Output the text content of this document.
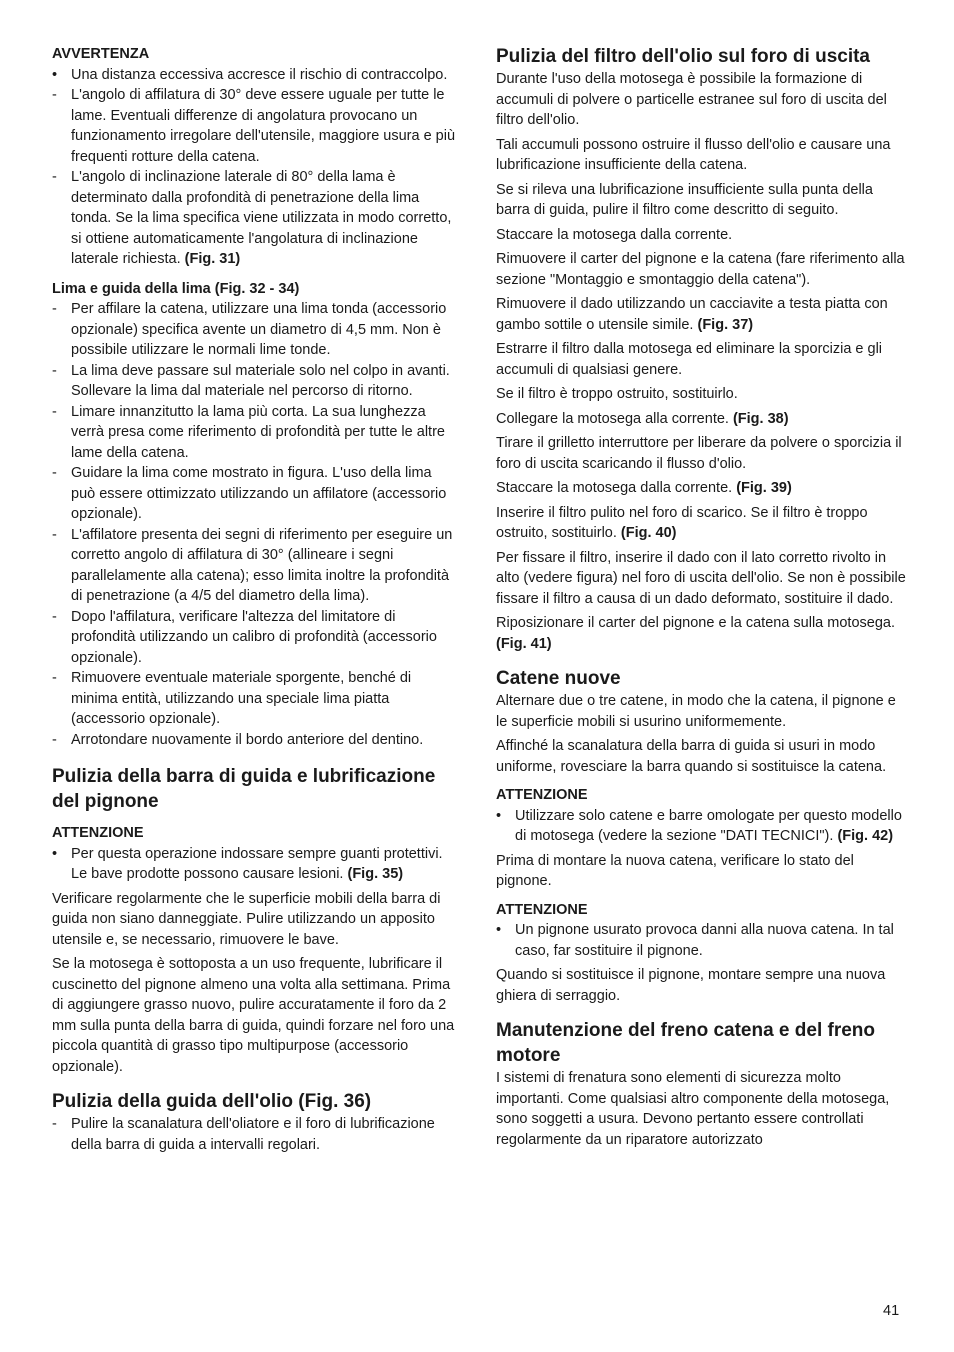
AVVERTENZA
• Una distanza eccessiva accresce il rischio di contraccolpo.
- L'angolo di affilatura di 30° deve essere uguale per tutte le lame. Eventuali differenze di angolatura provocano un funzionamento irregolare dell'utensile, maggiore usura e più frequenti rotture della catena.
- L'angolo di inclinazione laterale di 80° della lama è determinato dalla profondità di penetrazione della lima tonda. Se la lima specifica viene utilizzata in modo corretto, si ottiene automaticamente l'angolatura di inclinazione laterale richiesta. (Fig. 31)
Lima e guida della lima (Fig. 32 - 34)
- Per affilare la catena, utilizzare una lima tonda (accessorio opzionale) specifica avente un diametro di 4,5 mm. Non è possibile utilizzare le normali lime tonde.
- La lima deve passare sul materiale solo nel colpo in avanti. Sollevare la lima dal materiale nel percorso di ritorno.
- Limare innanzitutto la lama più corta. La sua lunghezza verrà presa come riferimento di profondità per tutte le altre lame della catena.
- Guidare la lima come mostrato in figura. L'uso della lima può essere ottimizzato utilizzando un affilatore (accessorio opzionale).
- L'affilatore presenta dei segni di riferimento per eseguire un corretto angolo di affilatura di 30° (allineare i segni parallelamente alla catena); esso limita inoltre la profondità di penetrazione (a 4/5 del diametro della lima).
- Dopo l'affilatura, verificare l'altezza del limitatore di profondità utilizzando un calibro di profondità (accessorio opzionale).
- Rimuovere eventuale materiale sporgente, benché di minima entità, utilizzando una speciale lima piatta (accessorio opzionale).
- Arrotondare nuovamente il bordo anteriore del dentino.
Pulizia della barra di guida e lubrificazione del pignone
ATTENZIONE
• Per questa operazione indossare sempre guanti protettivi. Le bave prodotte possono causare lesioni. (Fig. 35)

Verificare regolarmente che le superficie mobili della barra di guida non siano danneggiate. Pulire utilizzando un apposito utensile e, se necessario, rimuovere le bave.

Se la motosega è sottoposta a un uso frequente, lubrificare il cuscinetto del pignone almeno una volta alla settimana. Prima di aggiungere grasso nuovo, pulire accuratamente il foro da 2 mm sulla punta della barra di guida, quindi forzare nel foro una piccola quantità di grasso tipo multipurpose (accessorio opzionale).

Pulizia della guida dell'olio (Fig. 36)
- Pulire la scanalatura dell'oliatore e il foro di lubrificazione della barra di guida a intervalli regolari.
Pulizia del filtro dell'olio sul foro di uscita

Durante l'uso della motosega è possibile la formazione di accumuli di polvere o particelle estranee sul foro di uscita del filtro dell'olio.

Tali accumuli possono ostruire il flusso dell'olio e causare una lubrificazione insufficiente della catena.

Se si rileva una lubrificazione insufficiente sulla punta della barra di guida, pulire il filtro come descritto di seguito.

Staccare la motosega dalla corrente.

Rimuovere il carter del pignone e la catena (fare riferimento alla sezione "Montaggio e smontaggio della catena").

Rimuovere il dado utilizzando un cacciavite a testa piatta con gambo sottile o utensile simile. (Fig. 37)

Estrarre il filtro dalla motosega ed eliminare la sporcizia e gli accumuli di qualsiasi genere.

Se il filtro è troppo ostruito, sostituirlo.

Collegare la motosega alla corrente. (Fig. 38)

Tirare il grilletto interruttore per liberare da polvere o sporcizia il foro di uscita scaricando il flusso d'olio.

Staccare la motosega dalla corrente. (Fig. 39)

Inserire il filtro pulito nel foro di scarico. Se il filtro è troppo ostruito, sostituirlo. (Fig. 40)

Per fissare il filtro, inserire il dado con il lato corretto rivolto in alto (vedere figura) nel foro di uscita dell'olio. Se non è possibile fissare il filtro a causa di un dado deformato, sostituire il dado.

Riposizionare il carter del pignone e la catena sulla motosega. (Fig. 41)

Catene nuove

Alternare due o tre catene, in modo che la catena, il pignone e le superficie mobili si usurino uniformemente.

Affinché la scanalatura della barra di guida si usuri in modo uniforme, rovesciare la barra quando si sostituisce la catena.

ATTENZIONE
• Utilizzare solo catene e barre omologate per questo modello di motosega (vedere la sezione "DATI TECNICI"). (Fig. 42)

Prima di montare la nuova catena, verificare lo stato del pignone.

ATTENZIONE
• Un pignone usurato provoca danni alla nuova catena. In tal caso, far sostituire il pignone.

Quando si sostituisce il pignone, montare sempre una nuova ghiera di serraggio.

Manutenzione del freno catena e del freno motore

I sistemi di frenatura sono elementi di sicurezza molto importanti. Come qualsiasi altro componente della motosega, sono soggetti a usura. Devono pertanto essere controllati regolarmente da un riparatore autorizzato

41
